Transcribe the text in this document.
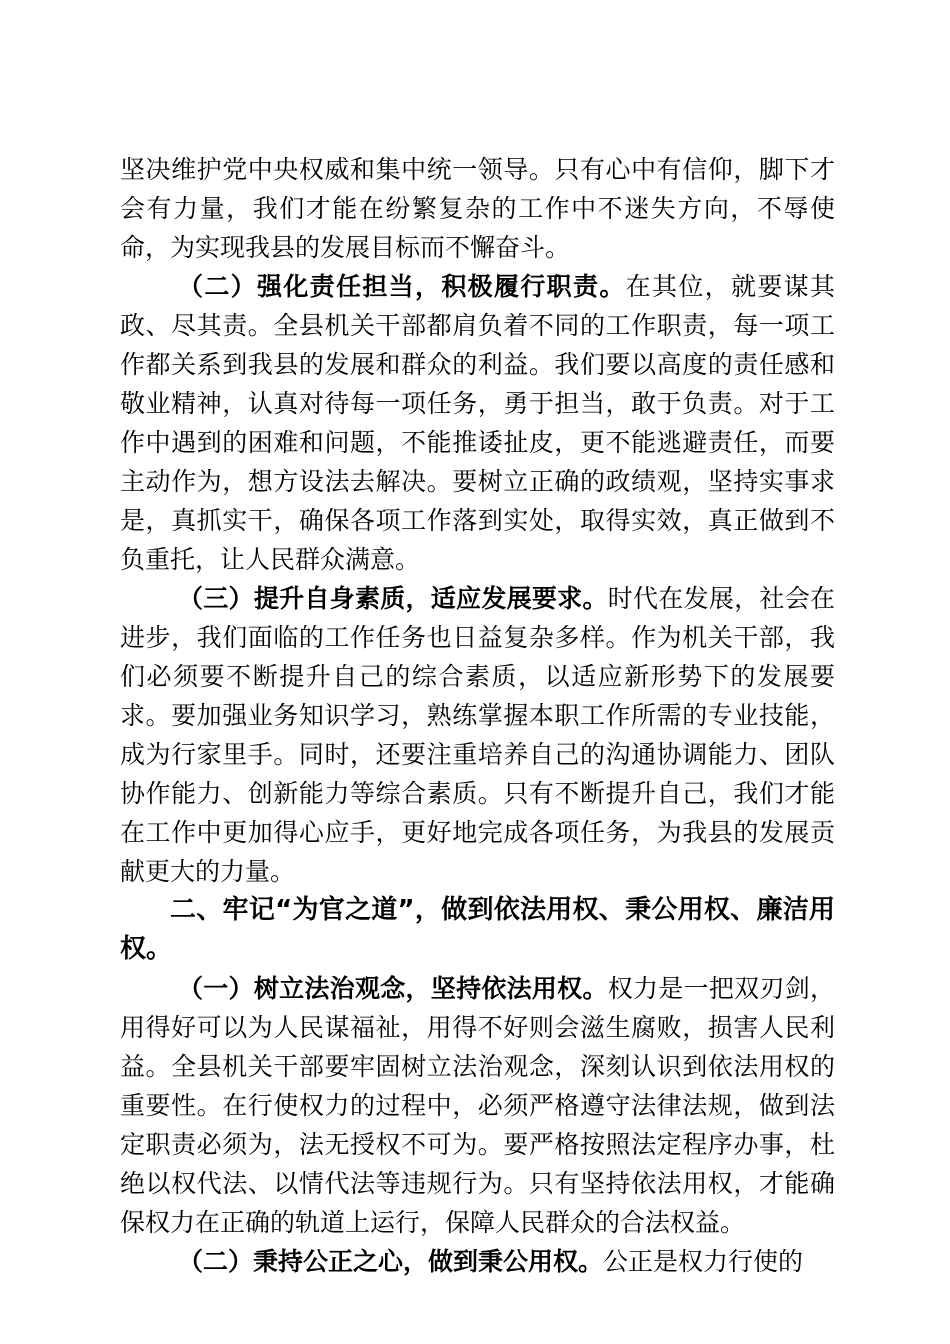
坚决维护党中央权威和集中统一领导。只有心中有信仰，脚下才会有力量，我们才能在纷繁复杂的工作中不迷失方向，不辱使命，为实现我县的发展目标而不懈奋斗。

（二）强化责任担当，积极履行职责。在其位，就要谋其政、尽其责。全县机关干部都肩负着不同的工作职责，每一项工作都关系到我县的发展和群众的利益。我们要以高度的责任感和敬业精神，认真对待每一项任务，勇于担当，敢于负责。对于工作中遇到的困难和问题，不能推诿扯皮，更不能逃避责任，而要主动作为，想方设法去解决。要树立正确的政绩观，坚持实事求是，真抓实干，确保各项工作落到实处，取得实效，真正做到不负重托，让人民群众满意。

（三）提升自身素质，适应发展要求。时代在发展，社会在进步，我们面临的工作任务也日益复杂多样。作为机关干部，我们必须要不断提升自己的综合素质，以适应新形势下的发展要求。要加强业务知识学习，熟练掌握本职工作所需的专业技能，成为行家里手。同时，还要注重培养自己的沟通协调能力、团队协作能力、创新能力等综合素质。只有不断提升自己，我们才能在工作中更加得心应手，更好地完成各项任务，为我县的发展贡献更大的力量。

二、牢记“为官之道”，做到依法用权、秉公用权、廉洁用权。

（一）树立法治观念，坚持依法用权。权力是一把双刃剑，用得好可以为人民谋福祉，用得不好则会滋生腐败，损害人民利益。全县机关干部要牢固树立法治观念，深刻认识到依法用权的重要性。在行使权力的过程中，必须严格遵守法律法规，做到法定职责必须为，法无授权不可为。要严格按照法定程序办事，杜绝以权代法、以情代法等违规行为。只有坚持依法用权，才能确保权力在正确的轨道上运行，保障人民群众的合法权益。

（二）秉持公正之心，做到秉公用权。公正是权力行使的
